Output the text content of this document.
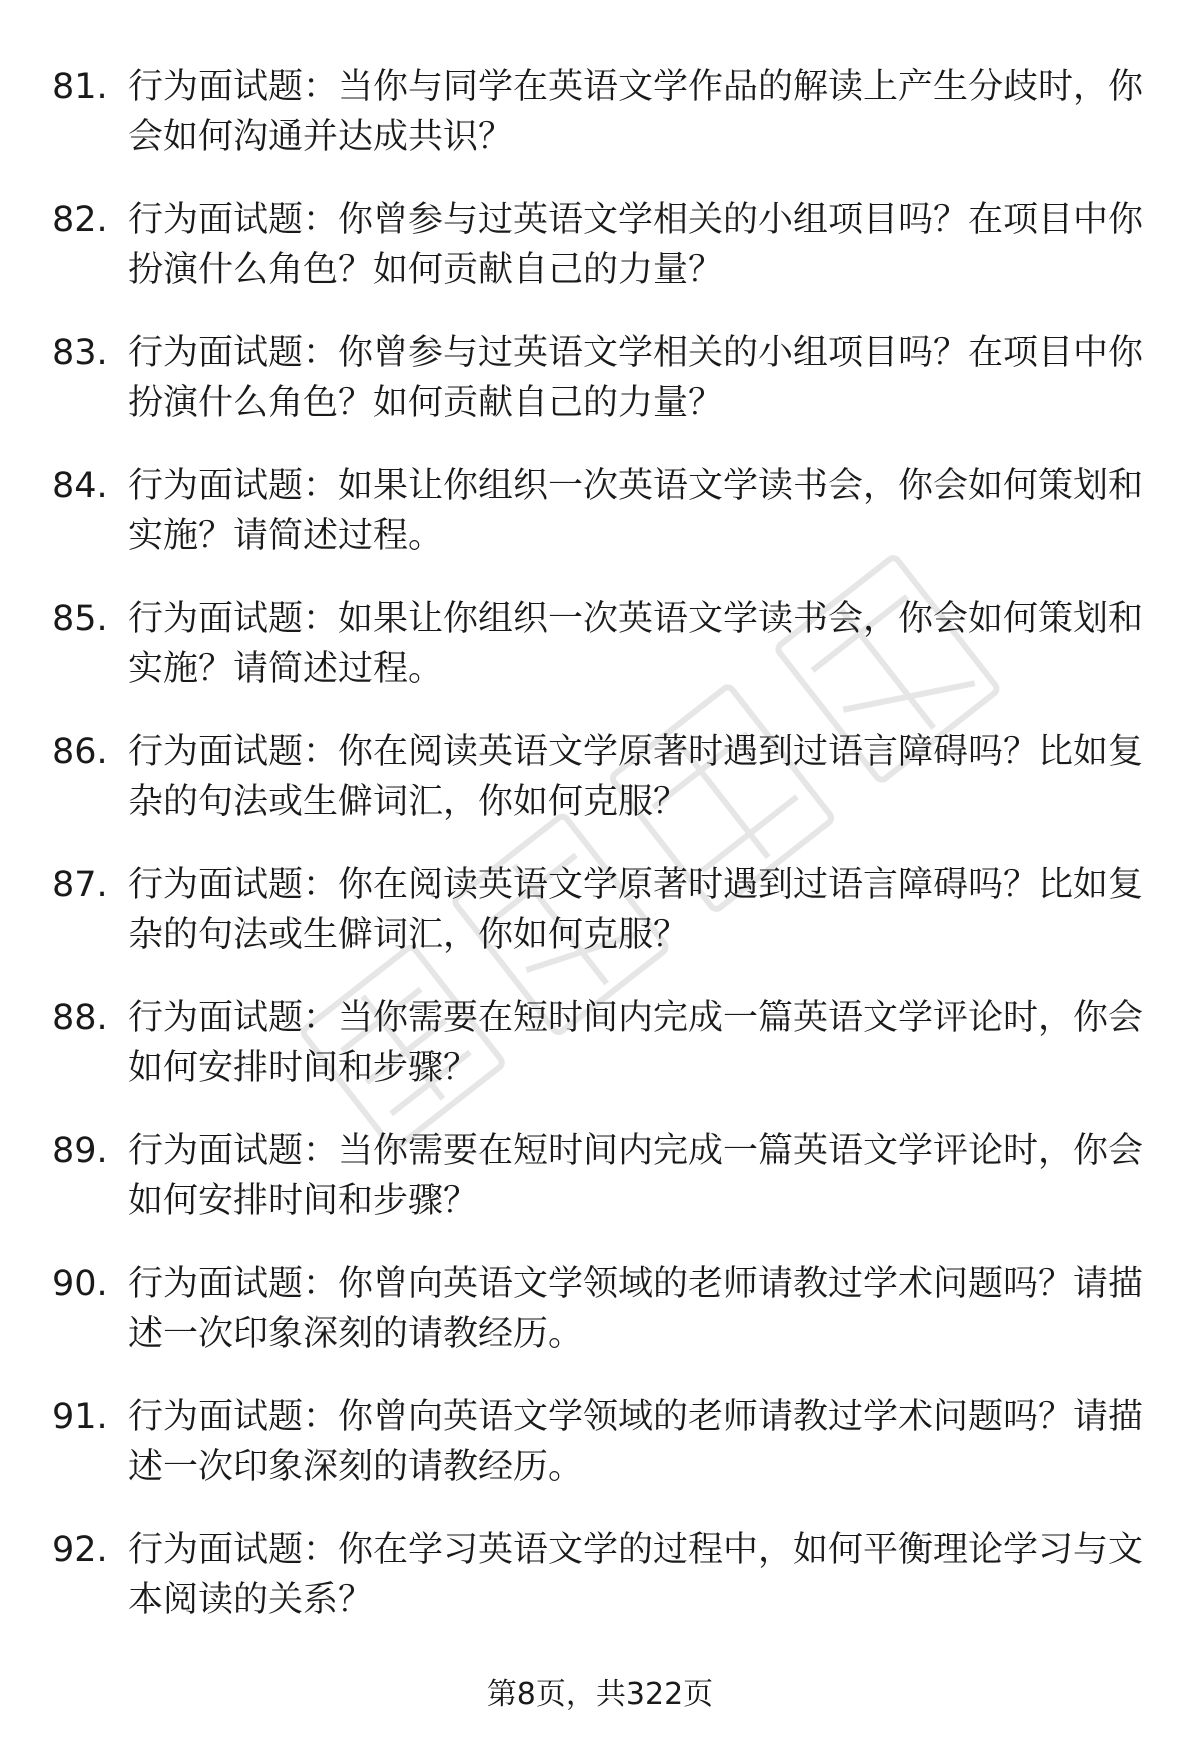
81. 行为面试题：当你与同学在英语文学作品的解读上产生分歧时，你会如何沟通并达成共识？
82. 行为面试题：你曾参与过英语文学相关的小组项目吗？在项目中你扮演什么角色？如何贡献自己的力量？
83. 行为面试题：你曾参与过英语文学相关的小组项目吗？在项目中你扮演什么角色？如何贡献自己的力量？
84. 行为面试题：如果让你组织一次英语文学读书会，你会如何策划和实施？请简述过程。
85. 行为面试题：如果让你组织一次英语文学读书会，你会如何策划和实施？请简述过程。
86. 行为面试题：你在阅读英语文学原著时遇到过语言障碍吗？比如复杂的句法或生僻词汇，你如何克服？
87. 行为面试题：你在阅读英语文学原著时遇到过语言障碍吗？比如复杂的句法或生僻词汇，你如何克服？
88. 行为面试题：当你需要在短时间内完成一篇英语文学评论时，你会如何安排时间和步骤？
89. 行为面试题：当你需要在短时间内完成一篇英语文学评论时，你会如何安排时间和步骤？
90. 行为面试题：你曾向英语文学领域的老师请教过学术问题吗？请描述一次印象深刻的请教经历。
91. 行为面试题：你曾向英语文学领域的老师请教过学术问题吗？请描述一次印象深刻的请教经历。
92. 行为面试题：你在学习英语文学的过程中，如何平衡理论学习与文本阅读的关系？
第8页，共322页
